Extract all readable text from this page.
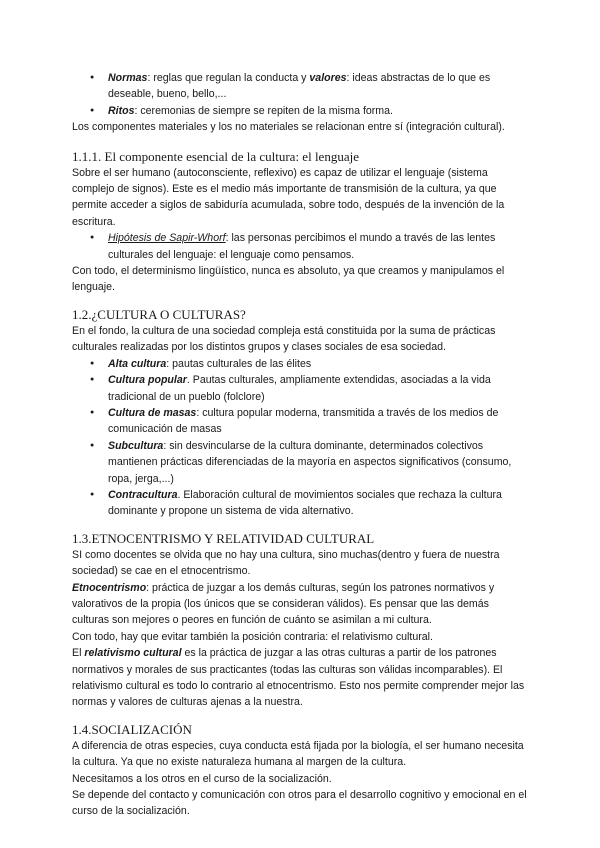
● Normas: reglas que regulan la conducta y valores: ideas abstractas de lo que es deseable, bueno, bello,...
● Ritos: ceremonias de siempre se repiten de la misma forma.

Los componentes materiales y los no materiales se relacionan entre sí (integración cultural).

1.1.1. El componente esencial de la cultura: el lenguaje

Sobre el ser humano (autoconsciente, reflexivo) es capaz de utilizar el lenguaje (sistema complejo de signos). Este es el medio más importante de transmisión de la cultura, ya que permite acceder a siglos de sabiduría acumulada, sobre todo, después de la invención de la escritura.

● Hipótesis de Sapir-Whorf: las personas percibimos el mundo a través de las lentes culturales del lenguaje: el lenguaje como pensamos.

Con todo, el determinismo lingüístico, nunca es absoluto, ya que creamos y manipulamos el lenguaje.

1.2.¿CULTURA O CULTURAS?

En el fondo, la cultura de una sociedad compleja está constituida por la suma de prácticas culturales realizadas por los distintos grupos y clases sociales de esa sociedad.

● Alta cultura: pautas culturales de las élites
● Cultura popular. Pautas culturales, ampliamente extendidas, asociadas a la vida tradicional de un pueblo (folclore)
● Cultura de masas: cultura popular moderna, transmitida a través de los medios de comunicación de masas
● Subcultura: sin desvincularse de la cultura dominante, determinados colectivos mantienen prácticas diferenciadas de la mayoría en aspectos significativos (consumo, ropa, jerga,...)
● Contracultura. Elaboración cultural de movimientos sociales que rechaza la cultura dominante y propone un sistema de vida alternativo.
1.3.ETNOCENTRISMO Y RELATIVIDAD CULTURAL

SI como docentes se olvida que no hay una cultura, sino muchas(dentro y fuera de nuestra sociedad) se cae en el etnocentrismo.

Etnocentrismo: práctica de juzgar a los demás culturas, según los patrones normativos y valorativos de la propia (los únicos que se consideran válidos). Es pensar que las demás culturas son mejores o peores en función de cuánto se asimilan a mi cultura.

Con todo, hay que evitar también la posición contraria: el relativismo cultural.

El relativismo cultural es la práctica de juzgar a las otras culturas a partir de los patrones normativos y morales de sus practicantes (todas las culturas son válidas incomparables). El relativismo cultural es todo lo contrario al etnocentrismo. Esto nos permite comprender mejor las normas y valores de culturas ajenas a la nuestra.

1.4.SOCIALIZACIÓN

A diferencia de otras especies, cuya conducta está fijada por la biología, el ser humano necesita la cultura. Ya que no existe naturaleza humana al margen de la cultura.

Necesitamos a los otros en el curso de la socialización.

Se depende del contacto y comunicación con otros para el desarrollo cognitivo y emocional en el curso de la socialización.
